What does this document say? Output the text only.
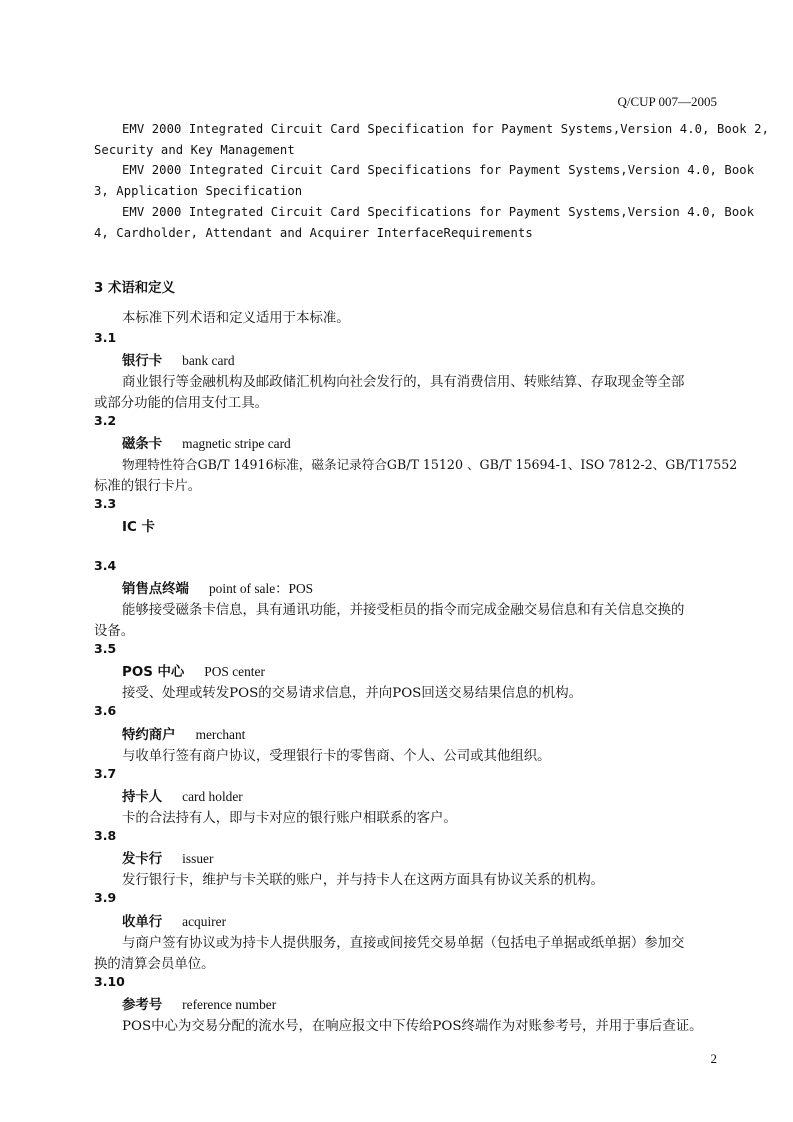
Q/CUP 007—2005
EMV 2000 Integrated Circuit Card Specification for Payment Systems,Version 4.0, Book 2,
Security and Key Management
EMV 2000 Integrated Circuit Card Specifications for Payment Systems,Version 4.0, Book
3, Application Specification
EMV 2000 Integrated Circuit Card Specifications for Payment Systems,Version 4.0, Book
4, Cardholder, Attendant and Acquirer InterfaceRequirements
3 术语和定义
本标准下列术语和定义适用于本标准。
3.1
银行卡 bank card
商业银行等金融机构及邮政储汇机构向社会发行的，具有消费信用、转账结算、存取现金等全部
或部分功能的信用支付工具。
3.2
磁条卡 magnetic stripe card
物理特性符合GB/T 14916标准，磁条记录符合GB/T 15120 、GB/T 15694-1、ISO 7812-2、GB/T17552
标准的银行卡片。
3.3
IC 卡
3.4
销售点终端 point of sale：POS
能够接受磁条卡信息，具有通讯功能，并接受柜员的指令而完成金融交易信息和有关信息交换的
设备。
3.5
POS 中心 POS center
接受、处理或转发POS的交易请求信息，并向POS回送交易结果信息的机构。
3.6
特约商户 merchant
与收单行签有商户协议，受理银行卡的零售商、个人、公司或其他组织。
3.7
持卡人 card holder
卡的合法持有人，即与卡对应的银行账户相联系的客户。
3.8
发卡行 issuer
发行银行卡，维护与卡关联的账户，并与持卡人在这两方面具有协议关系的机构。
3.9
收单行 acquirer
与商户签有协议或为持卡人提供服务，直接或间接凭交易单据（包括电子单据或纸单据）参加交
换的清算会员单位。
3.10
参考号 reference number
POS中心为交易分配的流水号，在响应报文中下传给POS终端作为对账参考号，并用于事后查证。
2
